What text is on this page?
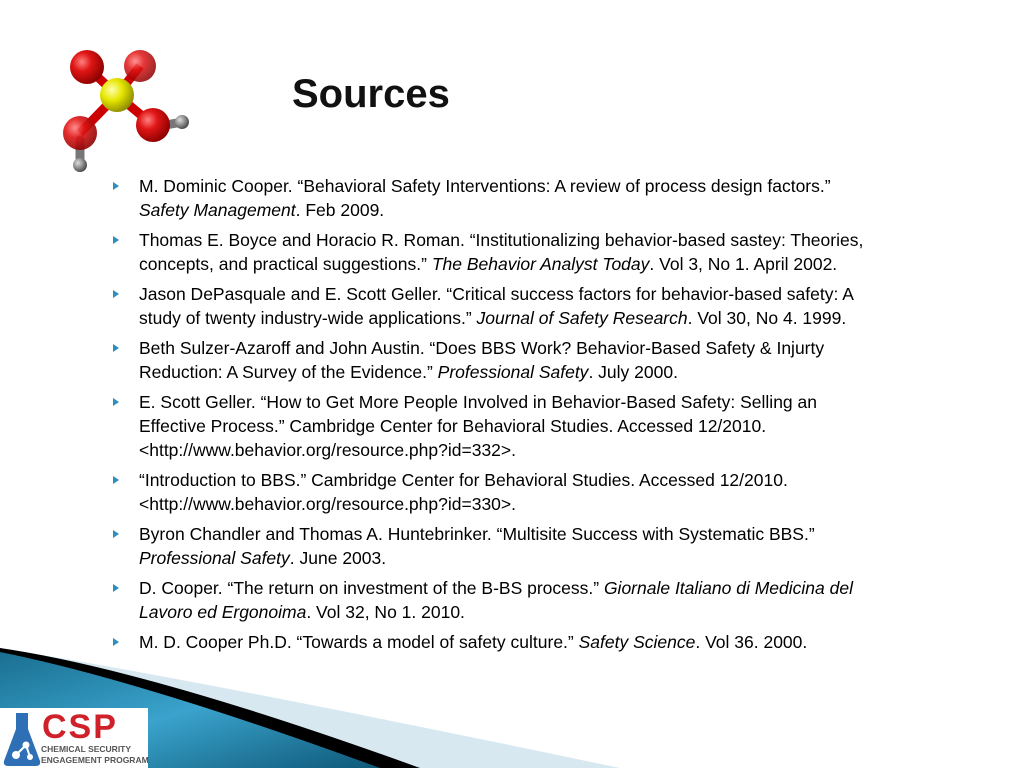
Sources
M. Dominic Cooper. “Behavioral Safety Interventions: A review of process design factors.”
Safety Management. Feb 2009.
Thomas E. Boyce and Horacio R. Roman. “Institutionalizing behavior-based sastey: Theories,
concepts, and practical suggestions.” The Behavior Analyst Today. Vol 3, No 1. April 2002.
Jason DePasquale and E. Scott Geller. “Critical success factors for behavior-based safety: A
study of twenty industry-wide applications.” Journal of Safety Research. Vol 30, No 4. 1999.
Beth Sulzer-Azaroff and John Austin. “Does BBS Work? Behavior-Based Safety & Injurty
Reduction: A Survey of the Evidence.” Professional Safety. July 2000.
E. Scott Geller. “How to Get More People Involved in Behavior-Based Safety: Selling an
Effective Process.” Cambridge Center for Behavioral Studies. Accessed 12/2010.
<http://www.behavior.org/resource.php?id=332>.
“Introduction to BBS.” Cambridge Center for Behavioral Studies. Accessed 12/2010.
<http://www.behavior.org/resource.php?id=330>.
Byron Chandler and Thomas A. Huntebrinker. “Multisite Success with Systematic BBS.”
Professional Safety. June 2003.
D. Cooper. “The return on investment of the B-BS process.” Giornale Italiano di Medicina del
Lavoro ed Ergonoima. Vol 32, No 1. 2010.
M. D. Cooper Ph.D. “Towards a model of safety culture.” Safety Science. Vol 36. 2000.
CSP
CHEMICAL SECURITY
ENGAGEMENT PROGRAM
